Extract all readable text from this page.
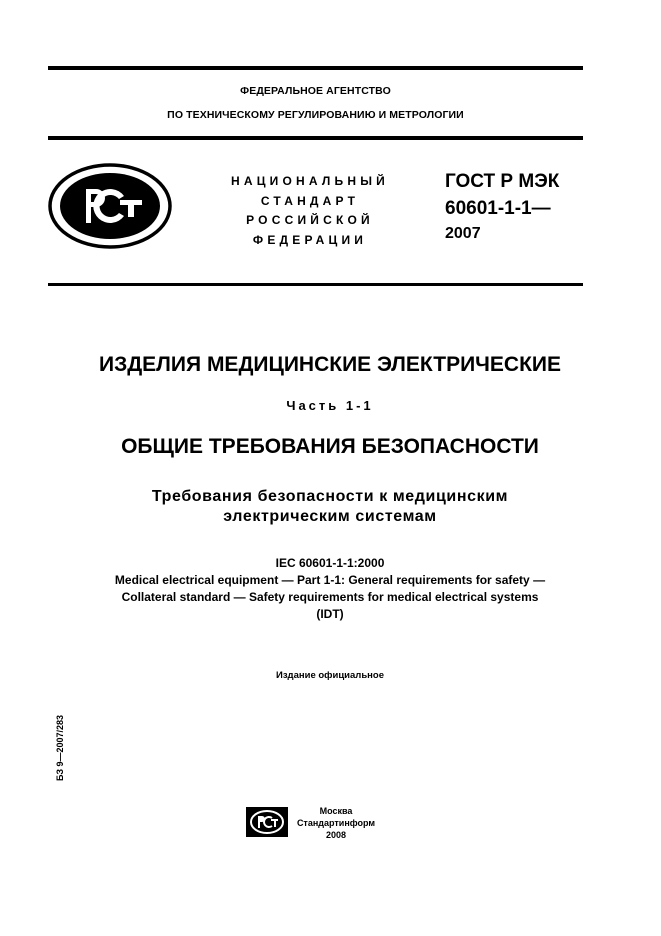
ФЕДЕРАЛЬНОЕ АГЕНТСТВО
ПО ТЕХНИЧЕСКОМУ РЕГУЛИРОВАНИЮ И МЕТРОЛОГИИ
НАЦИОНАЛЬНЫЙ
СТАНДАРТ
РОССИЙСКОЙ
ФЕДЕРАЦИИ
ГОСТ Р МЭК
60601-1-1—
2007
ИЗДЕЛИЯ МЕДИЦИНСКИЕ ЭЛЕКТРИЧЕСКИЕ
Часть 1-1
ОБЩИЕ ТРЕБОВАНИЯ БЕЗОПАСНОСТИ
Требования безопасности к медицинским
электрическим системам
IEC 60601-1-1:2000
Medical electrical equipment — Part 1-1: General requirements for safety —
Collateral standard — Safety requirements for medical electrical systems
(IDT)
Издание официальное
БЗ 9—2007/283
Москва
Стандартинформ
2008
